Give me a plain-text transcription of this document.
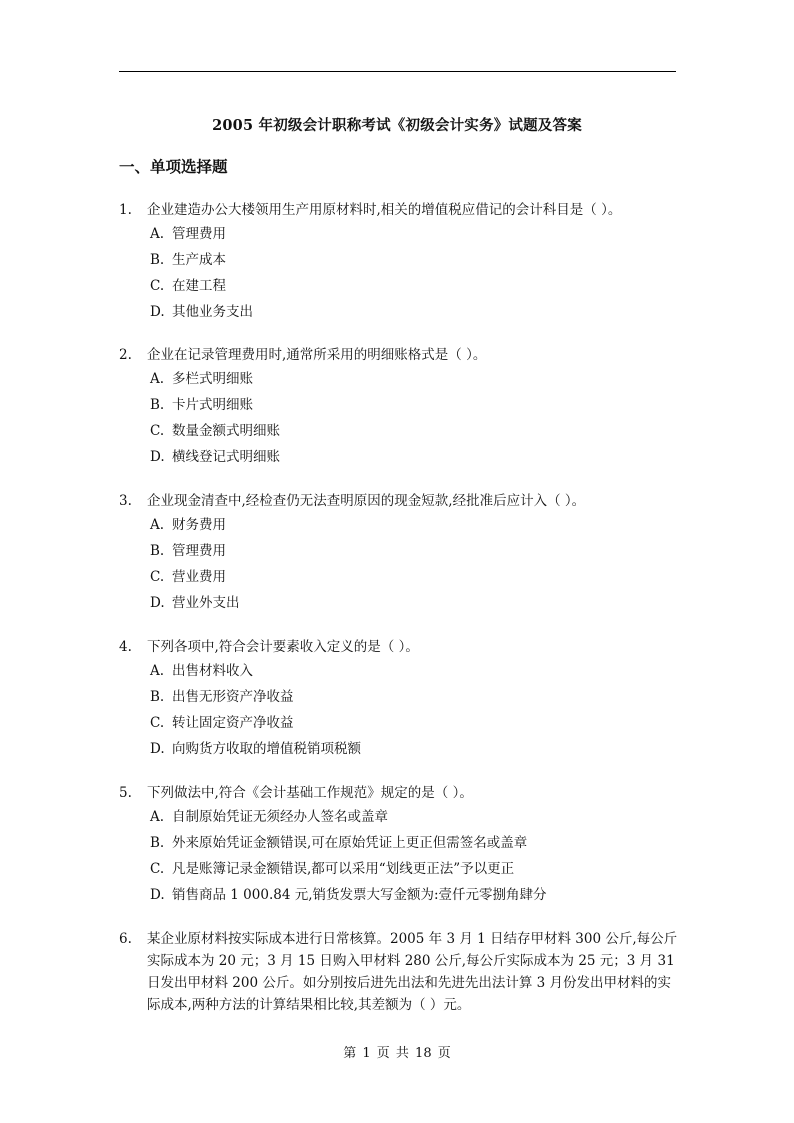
2005 年初级会计职称考试《初级会计实务》试题及答案
一、单项选择题
1.	企业建造办公大楼领用生产用原材料时,相关的增值税应借记的会计科目是（ ）。
A. 管理费用
B. 生产成本
C. 在建工程
D. 其他业务支出
2.	企业在记录管理费用时,通常所采用的明细账格式是（ ）。
A. 多栏式明细账
B. 卡片式明细账
C. 数量金额式明细账
D. 横线登记式明细账
3.	企业现金清查中,经检查仍无法查明原因的现金短款,经批准后应计入（ ）。
A. 财务费用
B. 管理费用
C. 营业费用
D. 营业外支出
4.	下列各项中,符合会计要素收入定义的是（ ）。
A. 出售材料收入
B. 出售无形资产净收益
C. 转让固定资产净收益
D. 向购货方收取的增值税销项税额
5.	下列做法中,符合《会计基础工作规范》规定的是（ ）。
A. 自制原始凭证无须经办人签名或盖章
B. 外来原始凭证金额错误,可在原始凭证上更正但需签名或盖章
C. 凡是账簿记录金额错误,都可以采用“划线更正法”予以更正
D. 销售商品 1 000.84 元,销货发票大写金额为:壹仟元零捌角肆分
6.	某企业原材料按实际成本进行日常核算。2005 年 3 月 1 日结存甲材料 300 公斤,每公斤实际成本为 20 元；3 月 15 日购入甲材料 280 公斤,每公斤实际成本为 25 元；3 月 31 日发出甲材料 200 公斤。如分别按后进先出法和先进先出法计算 3 月份发出甲材料的实际成本,两种方法的计算结果相比较,其差额为（ ）元。
第 1 页 共 18 页
